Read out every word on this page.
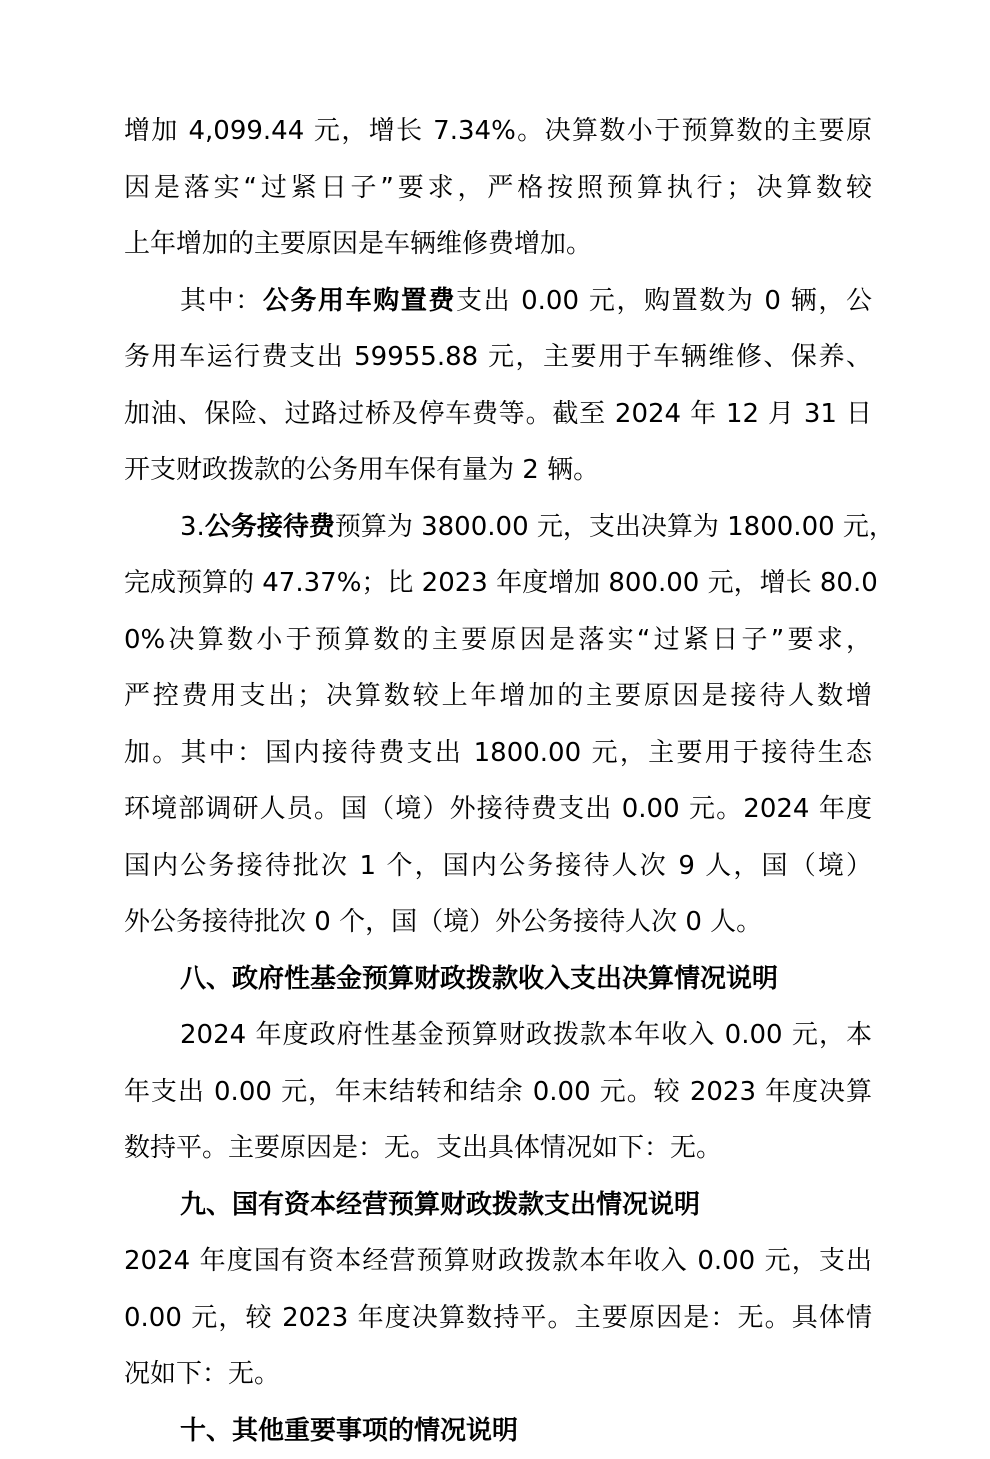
增加 4,099.44 元，增长 7.34%。决算数小于预算数的主要原
因是落实“过紧日子”要求，严格按照预算执行；决算数较
上年增加的主要原因是车辆维修费增加。
其中：公务用车购置费支出 0.00 元，购置数为 0 辆，公
务用车运行费支出 59955.88 元，主要用于车辆维修、保养、
加油、保险、过路过桥及停车费等。截至 2024 年 12 月 31 日
开支财政拨款的公务用车保有量为 2 辆。
3.公务接待费预算为 3800.00 元，支出决算为 1800.00 元，
完成预算的 47.37%；比 2023 年度增加 800.00 元，增长 80.0
0%决算数小于预算数的主要原因是落实“过紧日子”要求，
严控费用支出；决算数较上年增加的主要原因是接待人数增
加。其中：国内接待费支出 1800.00 元，主要用于接待生态
环境部调研人员。国（境）外接待费支出 0.00 元。2024 年度
国内公务接待批次 1 个，国内公务接待人次 9 人，国（境）
外公务接待批次 0 个，国（境）外公务接待人次 0 人。
八、政府性基金预算财政拨款收入支出决算情况说明
2024 年度政府性基金预算财政拨款本年收入 0.00 元，本
年支出 0.00 元，年末结转和结余 0.00 元。较 2023 年度决算
数持平。主要原因是：无。支出具体情况如下：无。
九、国有资本经营预算财政拨款支出情况说明
2024 年度国有资本经营预算财政拨款本年收入 0.00 元，支出
0.00 元，较 2023 年度决算数持平。主要原因是：无。具体情
况如下：无。
十、其他重要事项的情况说明
